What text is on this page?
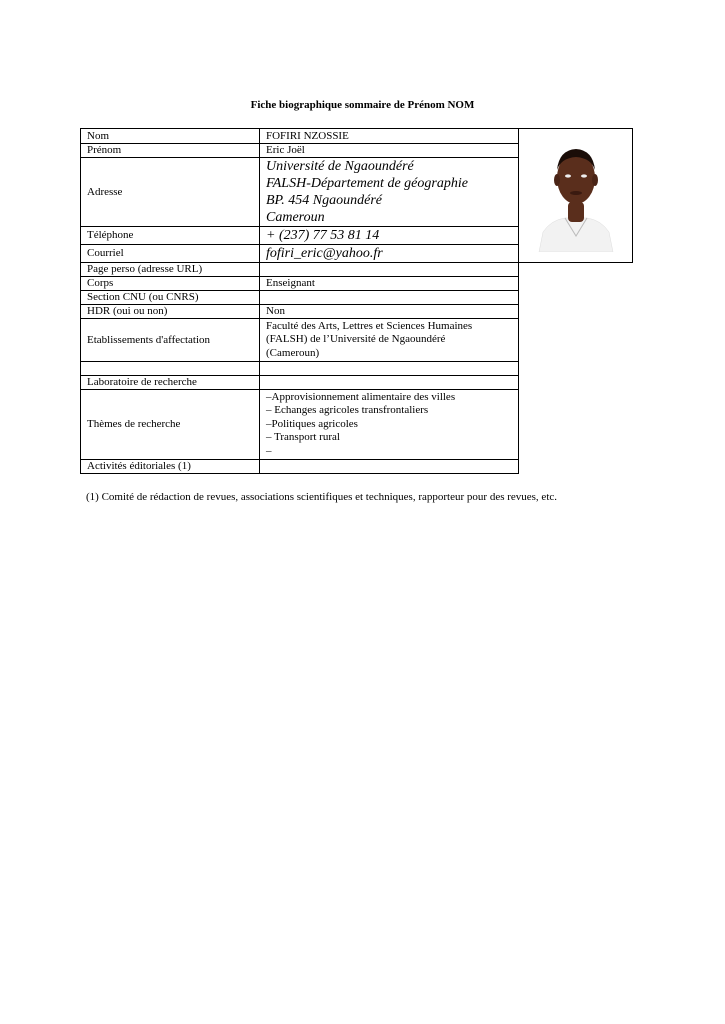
Fiche biographique sommaire de Prénom NOM
Nom	FOFIRI NZOSSIE	

Prénom	Eric Joël	
Adresse	Université de Ngaoundéré
FALSH-Département de géographie
BP. 454 Ngaoundéré
Cameroun	

Téléphone	+ (237) 77 53 81 14	
Courriel	fofiri_eric@yahoo.fr	
Page perso (adresse URL)		
Corps	Enseignant	
Section CNU (ou CNRS)		
HDR (oui ou non)	Non	
Etablissements d'affectation	Faculté des Arts, Lettres et Sciences Humaines
(FALSH) de l’Université de Ngaoundéré
(Cameroun)	

Laboratoire de recherche		
Thèmes de recherche	–Approvisionnement alimentaire des villes
– Echanges agricoles transfrontaliers
–Politiques agricoles
– Transport rural
–	

Activités éditoriales (1)		
(1) Comité de rédaction de revues, associations scientifiques et techniques, rapporteur pour des revues, etc.
